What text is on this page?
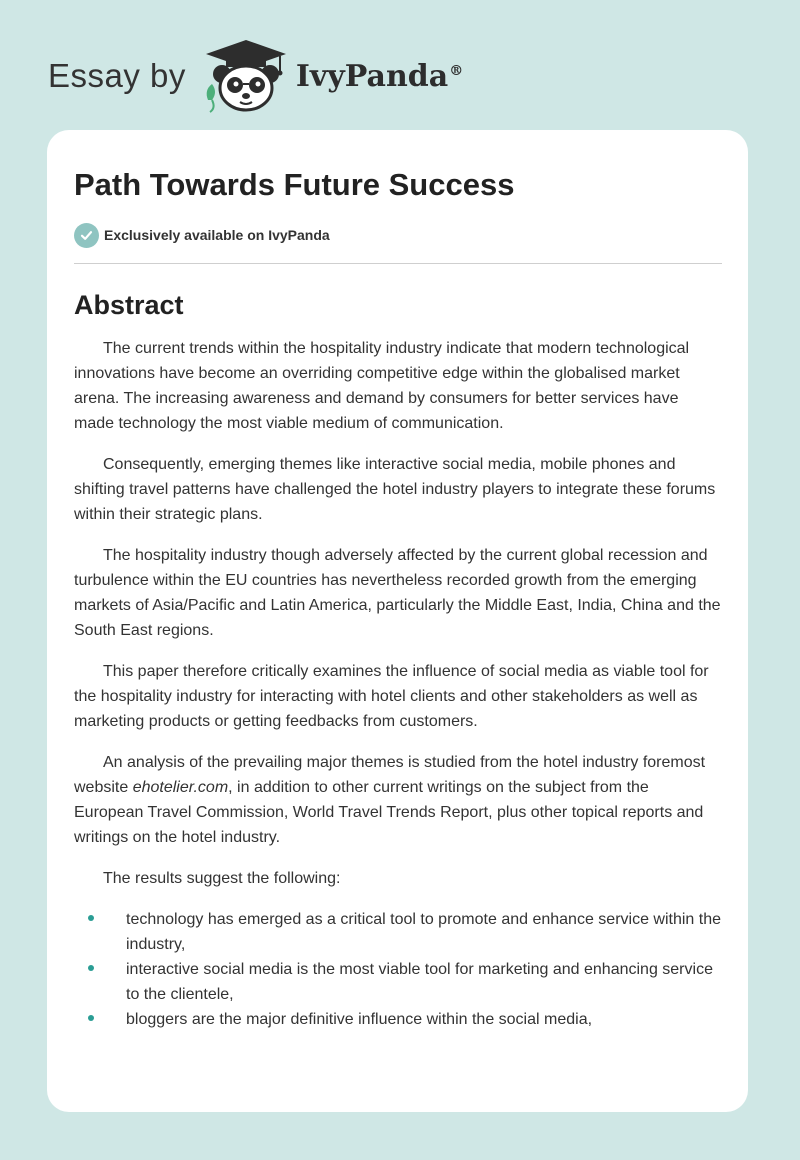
Essay by	IvyPanda®
Path Towards Future Success
Exclusively available on IvyPanda
Abstract

The current trends within the hospitality industry indicate that modern technological innovations have become an overriding competitive edge within the globalised market arena. The increasing awareness and demand by consumers for better services have made technology the most viable medium of communication.

Consequently, emerging themes like interactive social media, mobile phones and shifting travel patterns have challenged the hotel industry players to integrate these forums within their strategic plans.

The hospitality industry though adversely affected by the current global recession and turbulence within the EU countries has nevertheless recorded growth from the emerging markets of Asia/Pacific and Latin America, particularly the Middle East, India, China and the South East regions.

This paper therefore critically examines the influence of social media as viable tool for the hospitality industry for interacting with hotel clients and other stakeholders as well as marketing products or getting feedbacks from customers.

An analysis of the prevailing major themes is studied from the hotel industry foremost website ehotelier.com, in addition to other current writings on the subject from the European Travel Commission, World Travel Trends Report, plus other topical reports and writings on the hotel industry.

The results suggest the following:

technology has emerged as a critical tool to promote and enhance service within the industry,
interactive social media is the most viable tool for marketing and enhancing service to the clientele,
bloggers are the major definitive influence within the social media,
